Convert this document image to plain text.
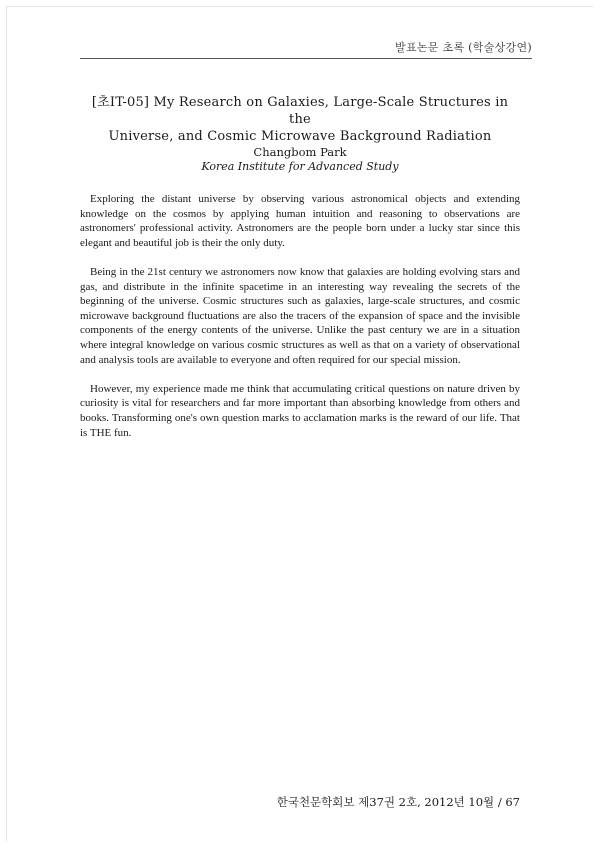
발표논문 초록 (학술상강연)
[초IT-05] My Research on Galaxies, Large-Scale Structures in the
Universe, and Cosmic Microwave Background Radiation
Changbom Park
Korea Institute for Advanced Study

Exploring the distant universe by observing various astronomical objects and extending knowledge on the cosmos by applying human intuition and reasoning to observations are astronomers' professional activity. Astronomers are the people born under a lucky star since this elegant and beautiful job is their the only duty.

Being in the 21st century we astronomers now know that galaxies are holding evolving stars and gas, and distribute in the infinite spacetime in an interesting way revealing the secrets of the beginning of the universe. Cosmic structures such as galaxies, large-scale structures, and cosmic microwave background fluctuations are also the tracers of the expansion of space and the invisible components of the energy contents of the universe. Unlike the past century we are in a situation where integral knowledge on various cosmic structures as well as that on a variety of observational and analysis tools are available to everyone and often required for our special mission.

However, my experience made me think that accumulating critical questions on nature driven by curiosity is vital for researchers and far more important than absorbing knowledge from others and books. Transforming one's own question marks to acclamation marks is the reward of our life. That is THE fun.

한국천문학회보 제37권 2호, 2012년 10월 / 67
